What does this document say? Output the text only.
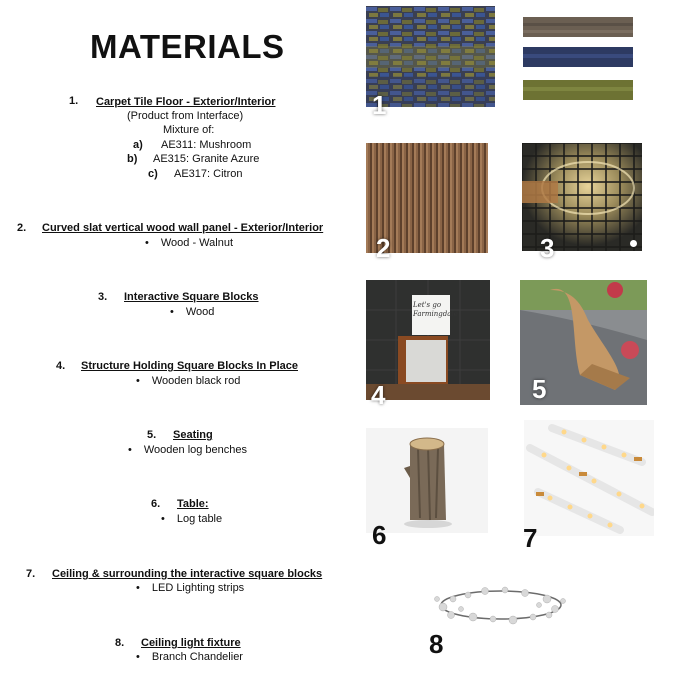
MATERIALS
1. Carpet Tile Floor - Exterior/Interior
(Product from Interface)
Mixture of:
a) AE311: Mushroom
b) AE315: Granite Azure
c) AE317: Citron
2. Curved slat vertical wood wall panel - Exterior/Interior
• Wood - Walnut
3. Interactive Square Blocks
• Wood
4. Structure Holding Square Blocks In Place
• Wooden black rod
5. Seating
• Wooden log benches
6. Table:
• Log table
7. Ceiling & surrounding the interactive square blocks
• LED Lighting strips
8. Ceiling light fixture
• Branch Chandelier
1
2	3
Let's go Farmingdale
4	5
6	7
8
